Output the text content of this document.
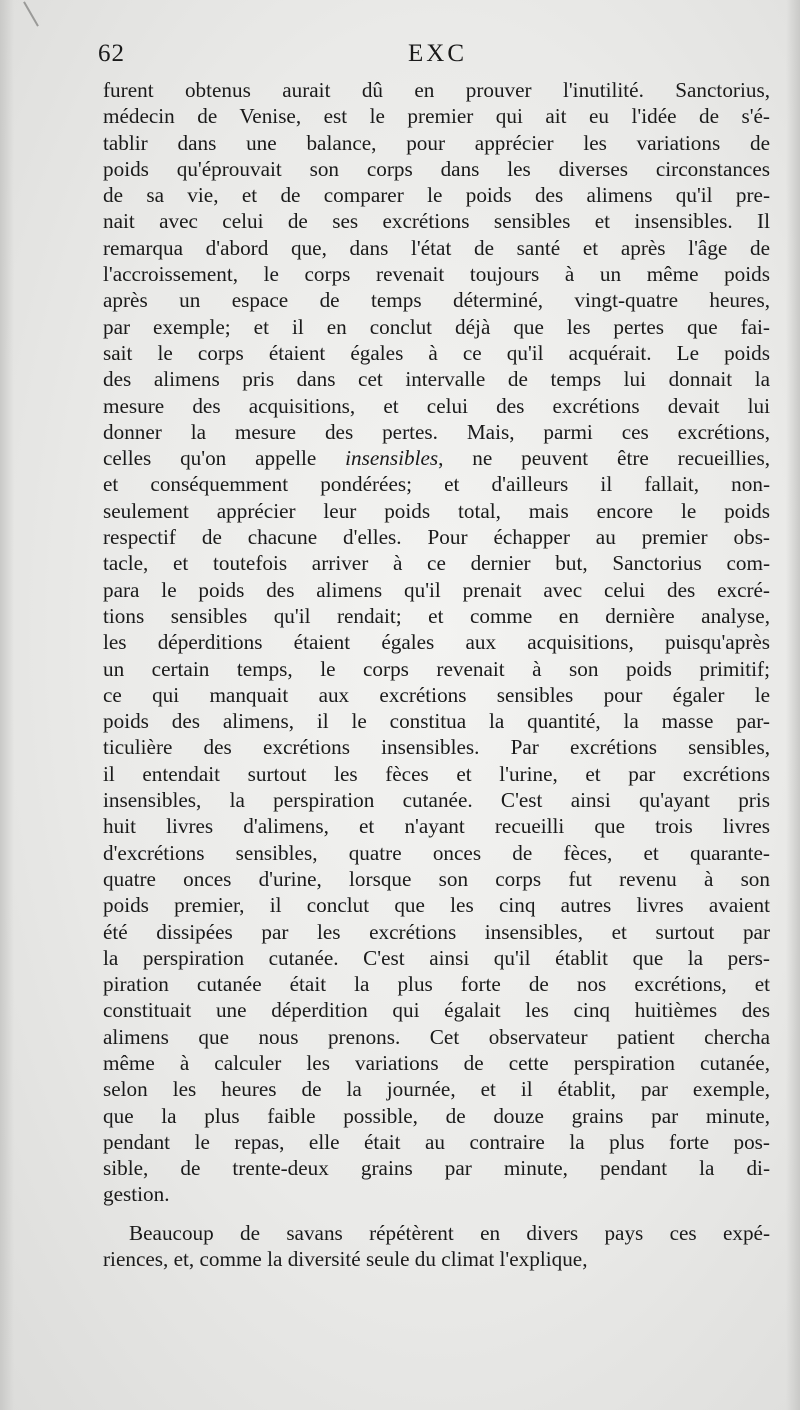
62	EXC
furent obtenus aurait dû en prouver l'inutilité. Sanctorius,
médecin de Venise, est le premier qui ait eu l'idée de s'é-
tablir dans une balance, pour apprécier les variations de
poids qu'éprouvait son corps dans les diverses circonstances
de sa vie, et de comparer le poids des alimens qu'il pre-
nait avec celui de ses excrétions sensibles et insensibles. Il
remarqua d'abord que, dans l'état de santé et après l'âge de
l'accroissement, le corps revenait toujours à un même poids
après un espace de temps déterminé, vingt-quatre heures,
par exemple; et il en conclut déjà que les pertes que fai-
sait le corps étaient égales à ce qu'il acquérait. Le poids
des alimens pris dans cet intervalle de temps lui donnait la
mesure des acquisitions, et celui des excrétions devait lui
donner la mesure des pertes. Mais, parmi ces excrétions,
celles qu'on appelle insensibles, ne peuvent être recueillies,
et conséquemment pondérées; et d'ailleurs il fallait, non-
seulement apprécier leur poids total, mais encore le poids
respectif de chacune d'elles. Pour échapper au premier obs-
tacle, et toutefois arriver à ce dernier but, Sanctorius com-
para le poids des alimens qu'il prenait avec celui des excré-
tions sensibles qu'il rendait; et comme en dernière analyse,
les déperditions étaient égales aux acquisitions, puisqu'après
un certain temps, le corps revenait à son poids primitif;
ce qui manquait aux excrétions sensibles pour égaler le
poids des alimens, il le constitua la quantité, la masse par-
ticulière des excrétions insensibles. Par excrétions sensibles,
il entendait surtout les fèces et l'urine, et par excrétions
insensibles, la perspiration cutanée. C'est ainsi qu'ayant pris
huit livres d'alimens, et n'ayant recueilli que trois livres
d'excrétions sensibles, quatre onces de fèces, et quarante-
quatre onces d'urine, lorsque son corps fut revenu à son
poids premier, il conclut que les cinq autres livres avaient
été dissipées par les excrétions insensibles, et surtout par
la perspiration cutanée. C'est ainsi qu'il établit que la pers-
piration cutanée était la plus forte de nos excrétions, et
constituait une déperdition qui égalait les cinq huitièmes des
alimens que nous prenons. Cet observateur patient chercha
même à calculer les variations de cette perspiration cutanée,
selon les heures de la journée, et il établit, par exemple,
que la plus faible possible, de douze grains par minute,
pendant le repas, elle était au contraire la plus forte pos-
sible, de trente-deux grains par minute, pendant la di-
gestion.
Beaucoup de savans répétèrent en divers pays ces expé-
riences, et, comme la diversité seule du climat l'explique,
